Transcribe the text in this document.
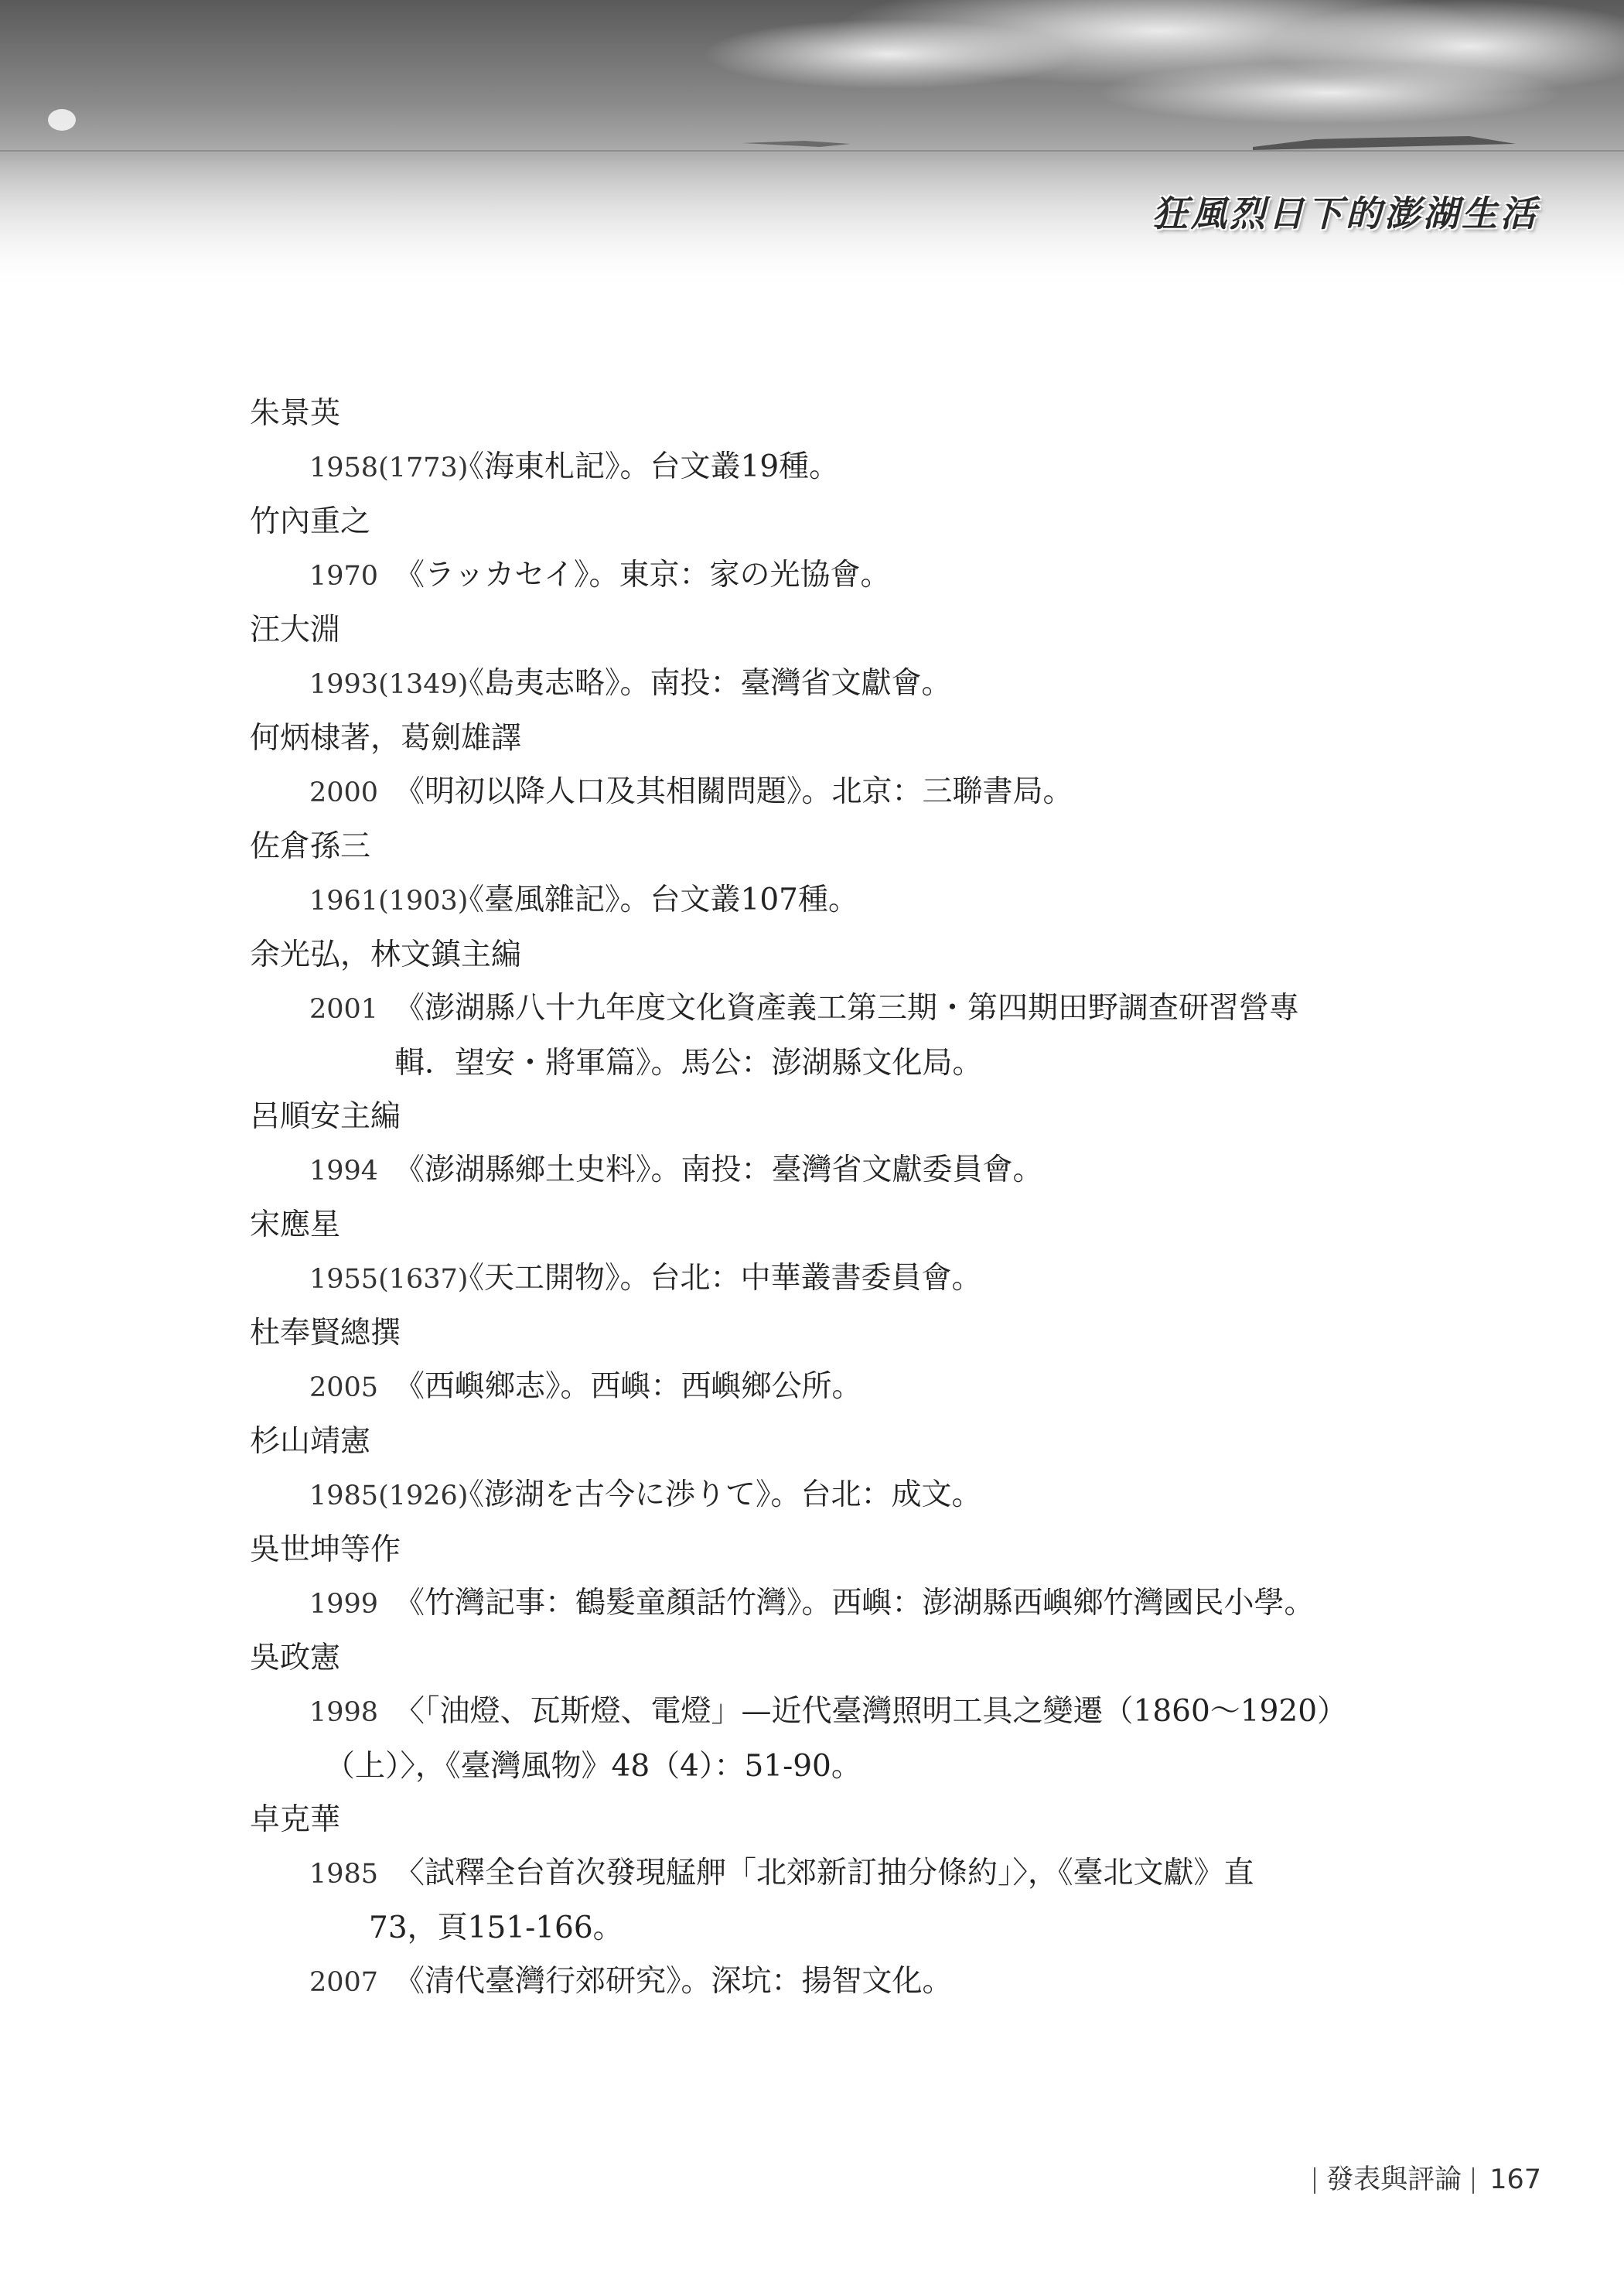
狂風烈日下的澎湖生活
朱景英
1958(1773)《海東札記》。台文叢19種。
竹內重之
1970 《ラッカセイ》。東京：家の光協會。
汪大淵
1993(1349)《島夷志略》。南投：臺灣省文獻會。
何炳棣著，葛劍雄譯
2000 《明初以降人口及其相關問題》。北京：三聯書局。
佐倉孫三
1961(1903)《臺風雜記》。台文叢107種。
余光弘，林文鎮主編
2001 《澎湖縣八十九年度文化資產義工第三期・第四期田野調查研習營專
輯．望安・將軍篇》。馬公：澎湖縣文化局。
呂順安主編
1994 《澎湖縣鄉土史料》。南投：臺灣省文獻委員會。
宋應星
1955(1637)《天工開物》。台北：中華叢書委員會。
杜奉賢總撰
2005 《西嶼鄉志》。西嶼：西嶼鄉公所。
杉山靖憲
1985(1926)《澎湖を古今に渉りて》。台北：成文。
吳世坤等作
1999 《竹灣記事：鶴髮童顏話竹灣》。西嶼：澎湖縣西嶼鄉竹灣國民小學。
吳政憲
1998 〈「油燈、瓦斯燈、電燈」—近代臺灣照明工具之變遷（1860～1920）
（上）〉，《臺灣風物》48（4）：51-90。
卓克華
1985 〈試釋全台首次發現艋舺「北郊新訂抽分條約」〉，《臺北文獻》直
73，頁151-166。
2007 《清代臺灣行郊研究》。深坑：揚智文化。
發表與評論 167
